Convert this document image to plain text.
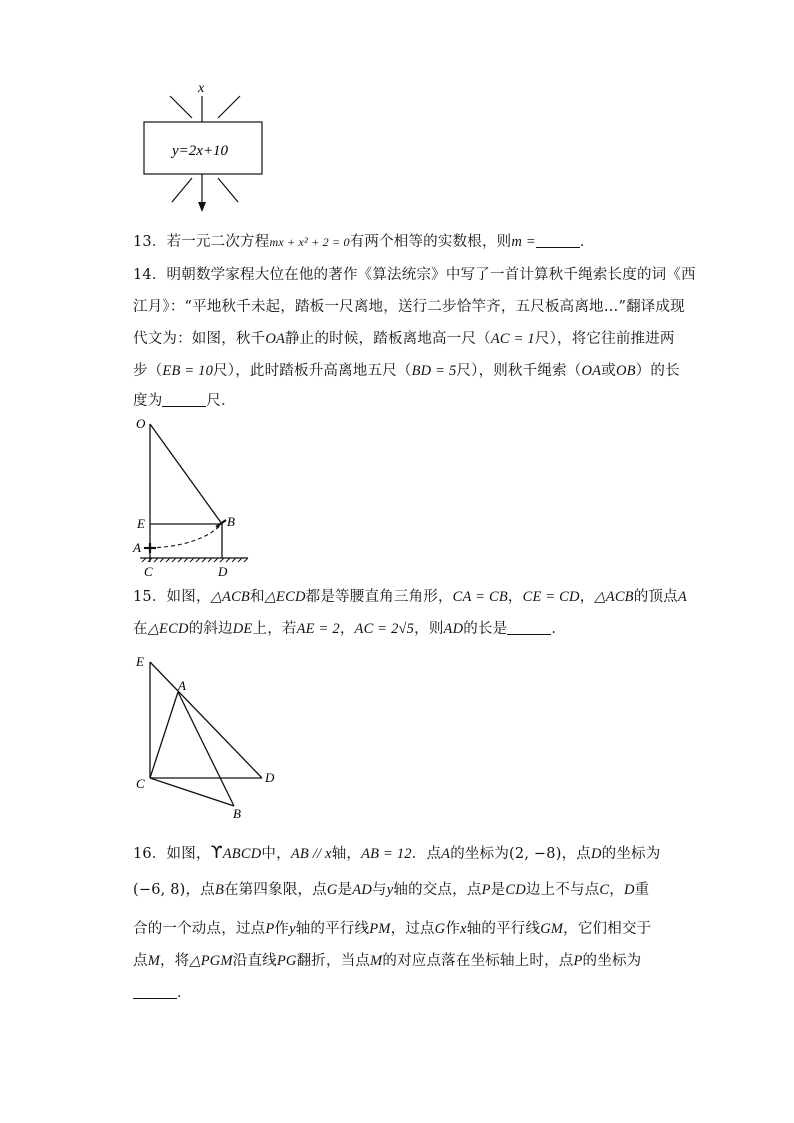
x
y=2x+10
13．若一元二次方程mx + x² + 2 = 0有两个相等的实数根，则m =	．
14．明朝数学家程大位在他的著作《算法统宗》中写了一首计算秋千绳索长度的词《西
江月》：“平地秋千未起，踏板一尺离地，送行二步恰竿齐，五尺板高离地…”翻译成现
代文为：如图，秋千OA静止的时候，踏板离地高一尺（AC = 1尺），将它往前推进两
步（EB = 10尺），此时踏板升高离地五尺（BD = 5尺），则秋千绳索（OA或OB）的长
度为	尺．
O
E	B
A
C	D
15．如图，△ACB和△ECD都是等腰直角三角形，CA = CB，CE = CD，△ACB的顶点A
在△ECD的斜边DE上，若AE = 2，AC = 2√5，则AD的长是	．
E
A
C	D
B
16．如图，ϒABCD中，AB // x轴，AB = 12．点A的坐标为(2, −8)，点D的坐标为
(−6, 8)，点B在第四象限，点G是AD与y轴的交点，点P是CD边上不与点C，D重
合的一个动点，过点P作y轴的平行线PM，过点G作x轴的平行线GM，它们相交于
点M，将△PGM沿直线PG翻折，当点M的对应点落在坐标轴上时，点P的坐标为
．
